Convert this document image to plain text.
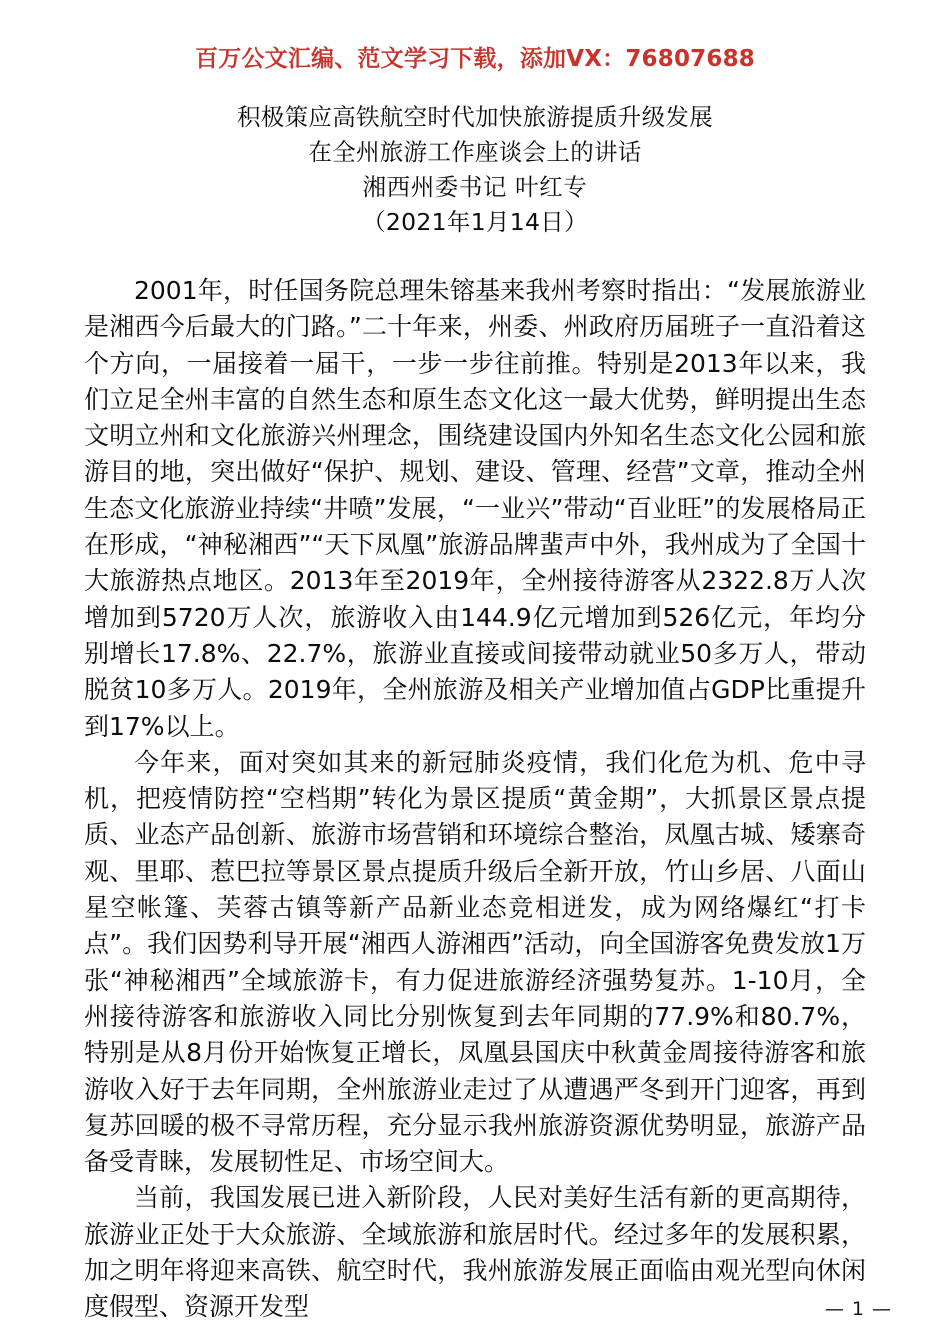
百万公文汇编、范文学习下载，添加VX：76807688
积极策应高铁航空时代加快旅游提质升级发展
在全州旅游工作座谈会上的讲话
湘西州委书记 叶红专
（2021年1月14日）

2001年，时任国务院总理朱镕基来我州考察时指出：“发展旅游业是湘西今后最大的门路。”二十年来，州委、州政府历届班子一直沿着这个方向，一届接着一届干，一步一步往前推。特别是2013年以来，我们立足全州丰富的自然生态和原生态文化这一最大优势，鲜明提出生态文明立州和文化旅游兴州理念，围绕建设国内外知名生态文化公园和旅游目的地，突出做好“保护、规划、建设、管理、经营”文章，推动全州生态文化旅游业持续“井喷”发展，“一业兴”带动“百业旺”的发展格局正在形成，“神秘湘西”“天下凤凰”旅游品牌蜚声中外，我州成为了全国十大旅游热点地区。2013年至2019年，全州接待游客从2322.8万人次增加到5720万人次，旅游收入由144.9亿元增加到526亿元，年均分别增长17.8%、22.7%，旅游业直接或间接带动就业50多万人，带动脱贫10多万人。2019年，全州旅游及相关产业增加值占GDP比重提升到17%以上。

今年来，面对突如其来的新冠肺炎疫情，我们化危为机、危中寻机，把疫情防控“空档期”转化为景区提质“黄金期”，大抓景区景点提质、业态产品创新、旅游市场营销和环境综合整治，凤凰古城、矮寨奇观、里耶、惹巴拉等景区景点提质升级后全新开放，竹山乡居、八面山星空帐篷、芙蓉古镇等新产品新业态竞相迸发，成为网络爆红“打卡点”。我们因势利导开展“湘西人游湘西”活动，向全国游客免费发放1万张“神秘湘西”全域旅游卡，有力促进旅游经济强势复苏。1-10月，全州接待游客和旅游收入同比分别恢复到去年同期的77.9%和80.7%，特别是从8月份开始恢复正增长，凤凰县国庆中秋黄金周接待游客和旅游收入好于去年同期，全州旅游业走过了从遭遇严冬到开门迎客，再到复苏回暖的极不寻常历程，充分显示我州旅游资源优势明显，旅游产品备受青睐，发展韧性足、市场空间大。

当前，我国发展已进入新阶段，人民对美好生活有新的更高期待，旅游业正处于大众旅游、全域旅游和旅居时代。经过多年的发展积累，加之明年将迎来高铁、航空时代，我州旅游发展正面临由观光型向休闲度假型、资源开发型	— 1 —
